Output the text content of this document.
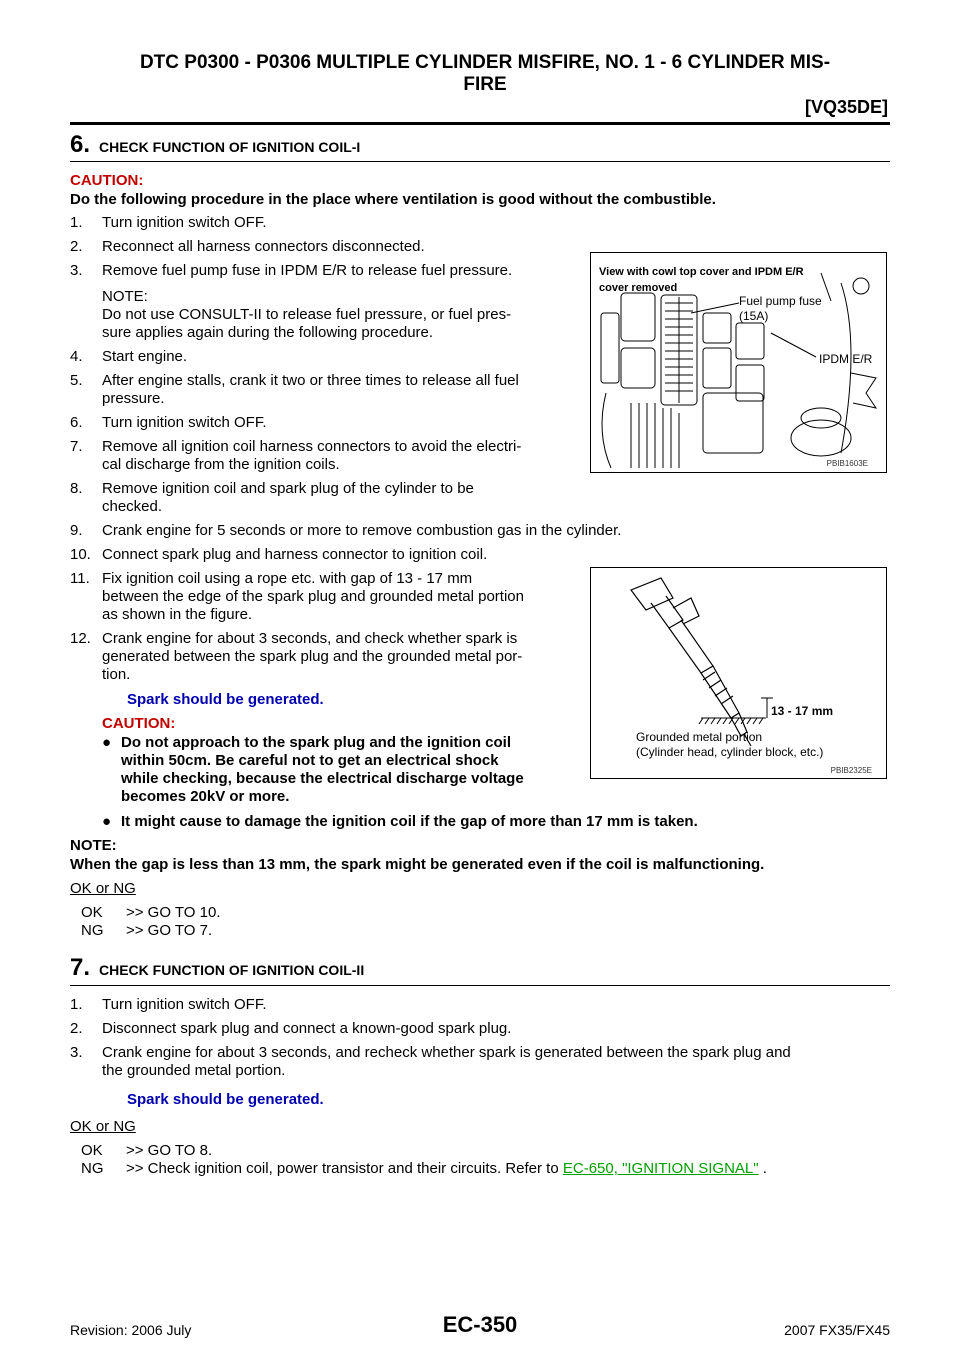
DTC P0300 - P0306 MULTIPLE CYLINDER MISFIRE, NO. 1 - 6 CYLINDER MIS-
FIRE
[VQ35DE]
6. CHECK FUNCTION OF IGNITION COIL-I
CAUTION:
Do the following procedure in the place where ventilation is good without the combustible.
1. Turn ignition switch OFF.
2. Reconnect all harness connectors disconnected.
3. Remove fuel pump fuse in IPDM E/R to release fuel pressure.
NOTE:
Do not use CONSULT-II to release fuel pressure, or fuel pres-
sure applies again during the following procedure.
4. Start engine.
5. After engine stalls, crank it two or three times to release all fuel
pressure.
6. Turn ignition switch OFF.
7. Remove all ignition coil harness connectors to avoid the electri-
cal discharge from the ignition coils.
8. Remove ignition coil and spark plug of the cylinder to be
checked.
9. Crank engine for 5 seconds or more to remove combustion gas in the cylinder.
10. Connect spark plug and harness connector to ignition coil.
11. Fix ignition coil using a rope etc. with gap of 13 - 17 mm
between the edge of the spark plug and grounded metal portion
as shown in the figure.
12. Crank engine for about 3 seconds, and check whether spark is
generated between the spark plug and the grounded metal por-
tion.
Spark should be generated.
CAUTION:
● Do not approach to the spark plug and the ignition coil
within 50cm. Be careful not to get an electrical shock
while checking, because the electrical discharge voltage
becomes 20kV or more.
● It might cause to damage the ignition coil if the gap of more than 17 mm is taken.
NOTE:
When the gap is less than 13 mm, the spark might be generated even if the coil is malfunctioning.
OK or NG
OK >> GO TO 10.
NG >> GO TO 7.
View with cowl top cover and IPDM E/R
cover removed
Fuel pump fuse
(15A)
IPDM E/R
PBIB1603E
13 - 17 mm
Grounded metal portion
(Cylinder head, cylinder block, etc.)
PBIB2325E
7. CHECK FUNCTION OF IGNITION COIL-II
1. Turn ignition switch OFF.
2. Disconnect spark plug and connect a known-good spark plug.
3. Crank engine for about 3 seconds, and recheck whether spark is generated between the spark plug and
the grounded metal portion.
Spark should be generated.
OK or NG
OK >> GO TO 8.
NG >> Check ignition coil, power transistor and their circuits. Refer to EC-650, "IGNITION SIGNAL" .
Revision: 2006 July	EC-350	2007 FX35/FX45
